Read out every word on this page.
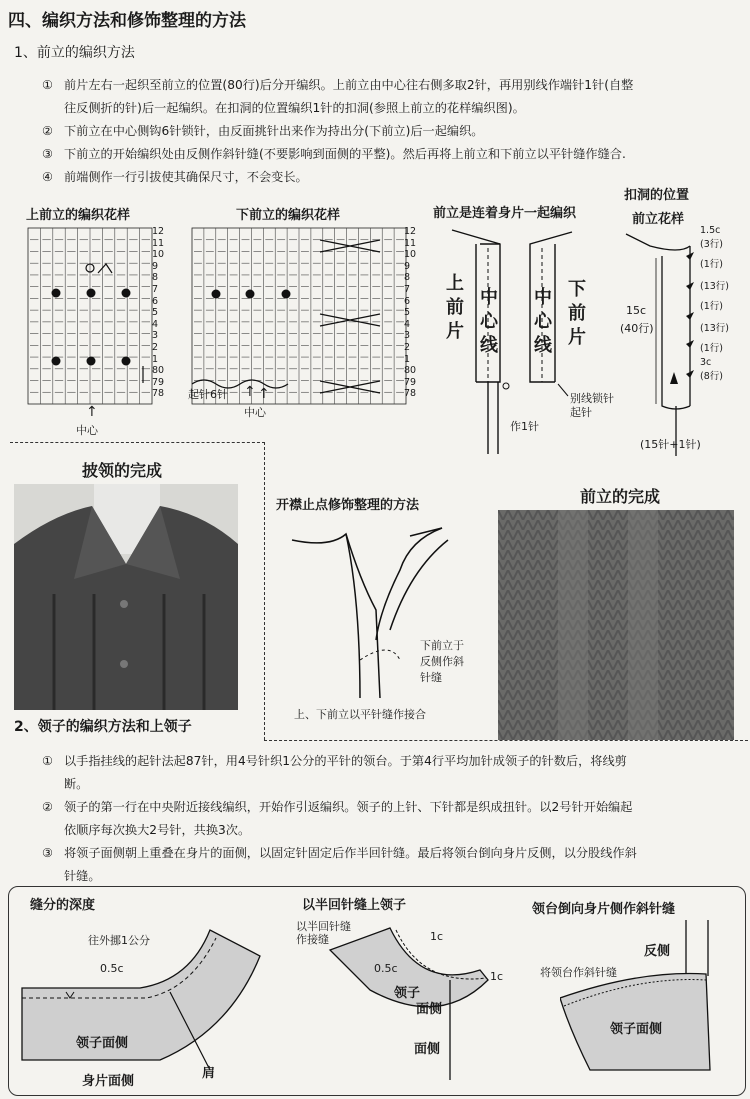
四、编织方法和修饰整理的方法
1、前立的编织方法
① 前片左右一起织至前立的位置(80行)后分开编织。上前立由中心往右侧多取2针，再用别线作端针1针(自整
往反侧折的针)后一起编织。在扣洞的位置编织1针的扣洞(参照上前立的花样编织图)。
② 下前立在中心侧钩6针锁针，由反面挑针出来作为持出分(下前立)后一起编织。
③ 下前立的开始编织处由反侧作斜针缝(不要影响到面侧的平整)。然后再将上前立和下前立以平针缝作缝合.
④ 前端侧作一行引拔使其确保尺寸，不会变长。
上前立的编织花样
12
11
10
9
8
7
6
5
4
3
2
1
80
79
78
↑
中心
下前立的编织花样
12
11
10
9
8
7
6
5
4
3
2
1
80
79
78
起针6针 ↑ ↑
中心
前立是连着身片一起编织
上前片
中心线
中心线
下前片
别线锁针起针
作1针
扣洞的位置
前立花样
1.5c
(3行)
(1行)
(13行)
(1行)
(13行)
(1行)
3c
(8行)
15c
(40行)
(15针+1针)
披领的完成
开襟止点修饰整理的方法
下前立于反侧作斜针缝
上、下前立以平针缝作接合
前立的完成
2、领子的编织方法和上领子
① 以手指挂线的起针法起87针，用4号针织1公分的平针的领台。于第4行平均加针成领子的针数后，将线剪
断。
② 领子的第一行在中央附近接线编织，开始作引返编织。领子的上针、下针都是织成扭针。以2号针开始编起
依顺序每次换大2号针，共换3次。
③ 将领子面侧朝上重叠在身片的面侧，以固定针固定后作半回针缝。最后将领台倒向身片反侧，以分股线作斜
针缝。
缝分的深度
往外挪1公分
0.5c
领子面侧
肩
身片面侧
以半回针缝上领子
以半回针缝作接缝	1c
0.5c
1c
领子
面侧
面侧
领台倒向身片侧作斜针缝
反侧
将领台作斜针缝
领子面侧
